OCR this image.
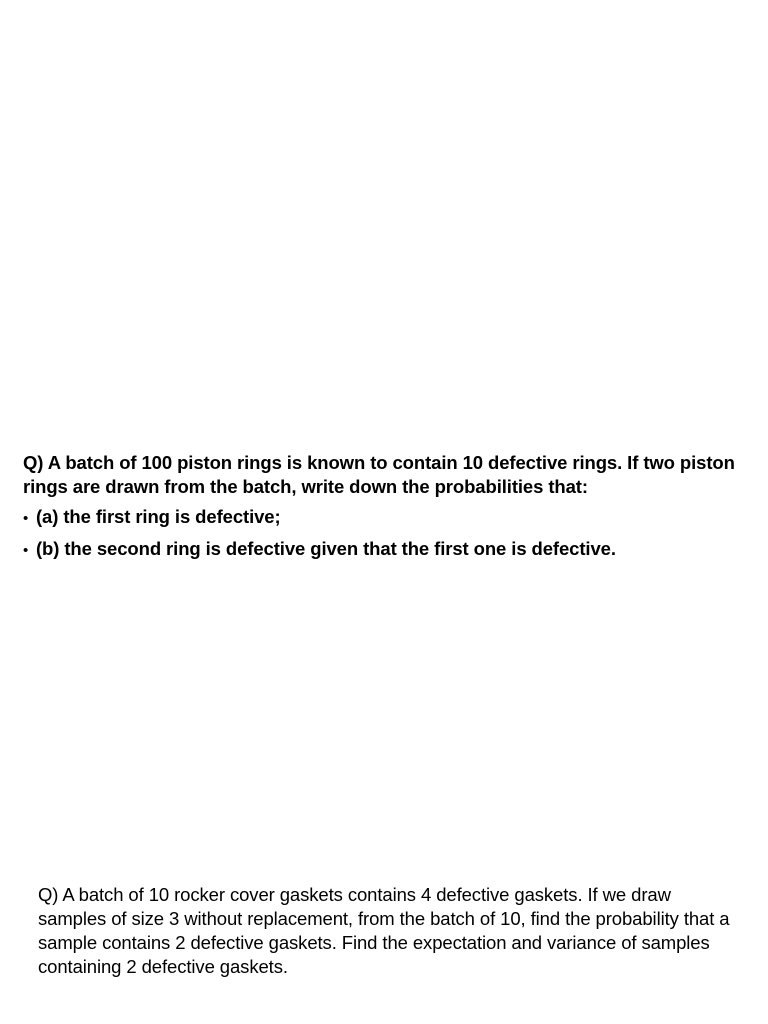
Q) A batch of 100 piston rings is known to contain 10 defective rings. If two piston rings are drawn from the batch, write down the probabilities that:

• (a) the first ring is defective;
• (b) the second ring is defective given that the first one is defective.

Q) A batch of 10 rocker cover gaskets contains 4 defective gaskets. If we draw samples of size 3 without replacement, from the batch of 10, find the probability that a sample contains 2 defective gaskets. Find the expectation and variance of samples containing 2 defective gaskets.
